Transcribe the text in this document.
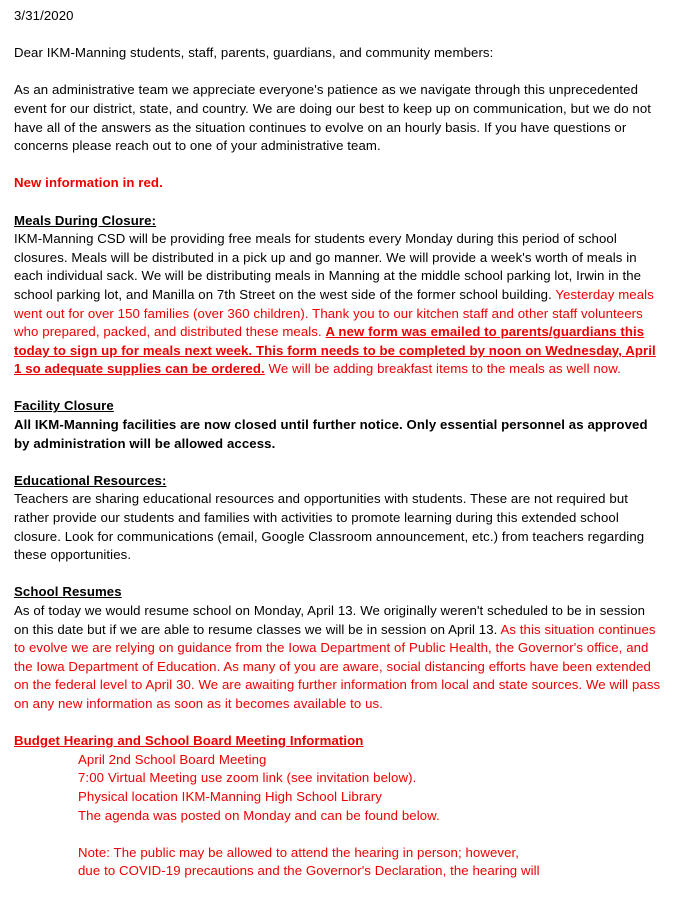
3/31/2020

Dear IKM-Manning students, staff, parents, guardians, and community members:

As an administrative team we appreciate everyone's patience as we navigate through this unprecedented event for our district, state, and country. We are doing our best to keep up on communication, but we do not have all of the answers as the situation continues to evolve on an hourly basis. If you have questions or concerns please reach out to one of your administrative team.

New information in red.

Meals During Closure:

IKM-Manning CSD will be providing free meals for students every Monday during this period of school closures. Meals will be distributed in a pick up and go manner. We will provide a week's worth of meals in each individual sack. We will be distributing meals in Manning at the middle school parking lot, Irwin in the school parking lot, and Manilla on 7th Street on the west side of the former school building. Yesterday meals went out for over 150 families (over 360 children). Thank you to our kitchen staff and other staff volunteers who prepared, packed, and distributed these meals. A new form was emailed to parents/guardians this today to sign up for meals next week. This form needs to be completed by noon on Wednesday, April 1 so adequate supplies can be ordered. We will be adding breakfast items to the meals as well now.

Facility Closure

All IKM-Manning facilities are now closed until further notice. Only essential personnel as approved by administration will be allowed access.

Educational Resources:

Teachers are sharing educational resources and opportunities with students. These are not required but rather provide our students and families with activities to promote learning during this extended school closure. Look for communications (email, Google Classroom announcement, etc.) from teachers regarding these opportunities.

School Resumes

As of today we would resume school on Monday, April 13. We originally weren't scheduled to be in session on this date but if we are able to resume classes we will be in session on April 13. As this situation continues to evolve we are relying on guidance from the Iowa Department of Public Health, the Governor's office, and the Iowa Department of Education. As many of you are aware, social distancing efforts have been extended on the federal level to April 30. We are awaiting further information from local and state sources. We will pass on any new information as soon as it becomes available to us.

Budget Hearing and School Board Meeting Information

April 2nd School Board Meeting

7:00 Virtual Meeting use zoom link (see invitation below).

Physical location IKM-Manning High School Library

The agenda was posted on Monday and can be found below.

Note: The public may be allowed to attend the hearing in person; however,

due to COVID-19 precautions and the Governor's Declaration, the hearing will
